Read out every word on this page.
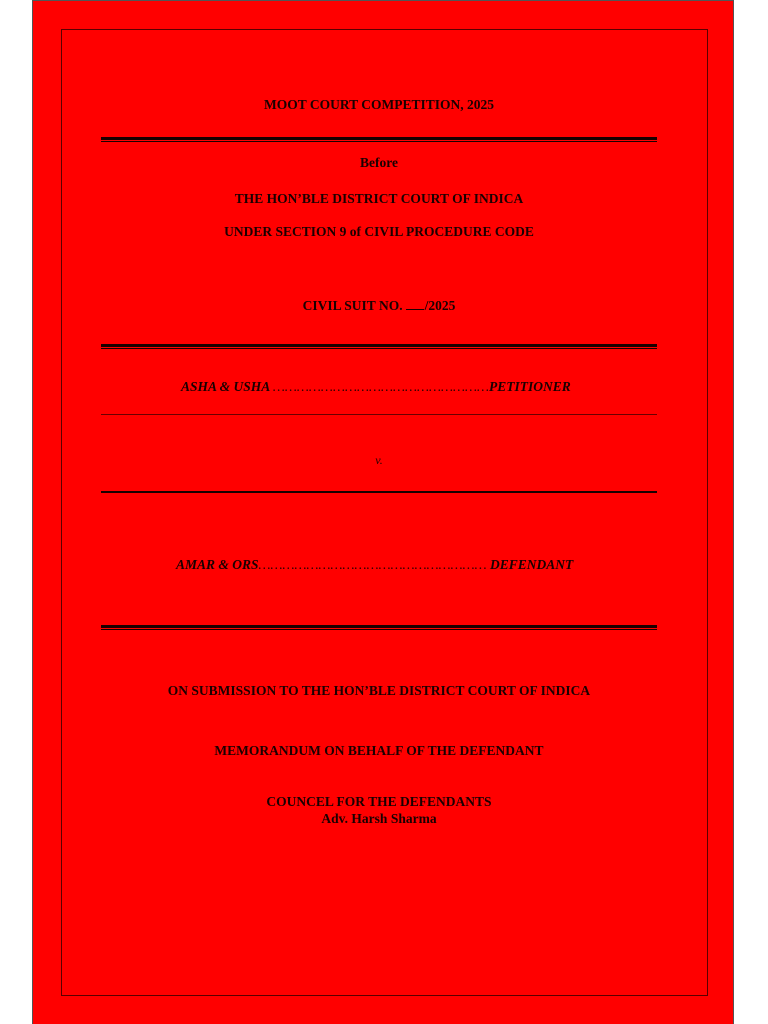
MOOT COURT COMPETITION, 2025
Before
THE HON’BLE DISTRICT COURT OF INDICA
UNDER SECTION 9 of CIVIL PROCEDURE CODE
CIVIL SUIT NO. /2025
ASHA & USHA ………………………………………………PETITIONER
v.
AMAR & ORS………………………………………………… DEFENDANT
ON SUBMISSION TO THE HON’BLE DISTRICT COURT OF INDICA
MEMORANDUM ON BEHALF OF THE DEFENDANT
COUNCEL FOR THE DEFENDANTS
Adv. Harsh Sharma
